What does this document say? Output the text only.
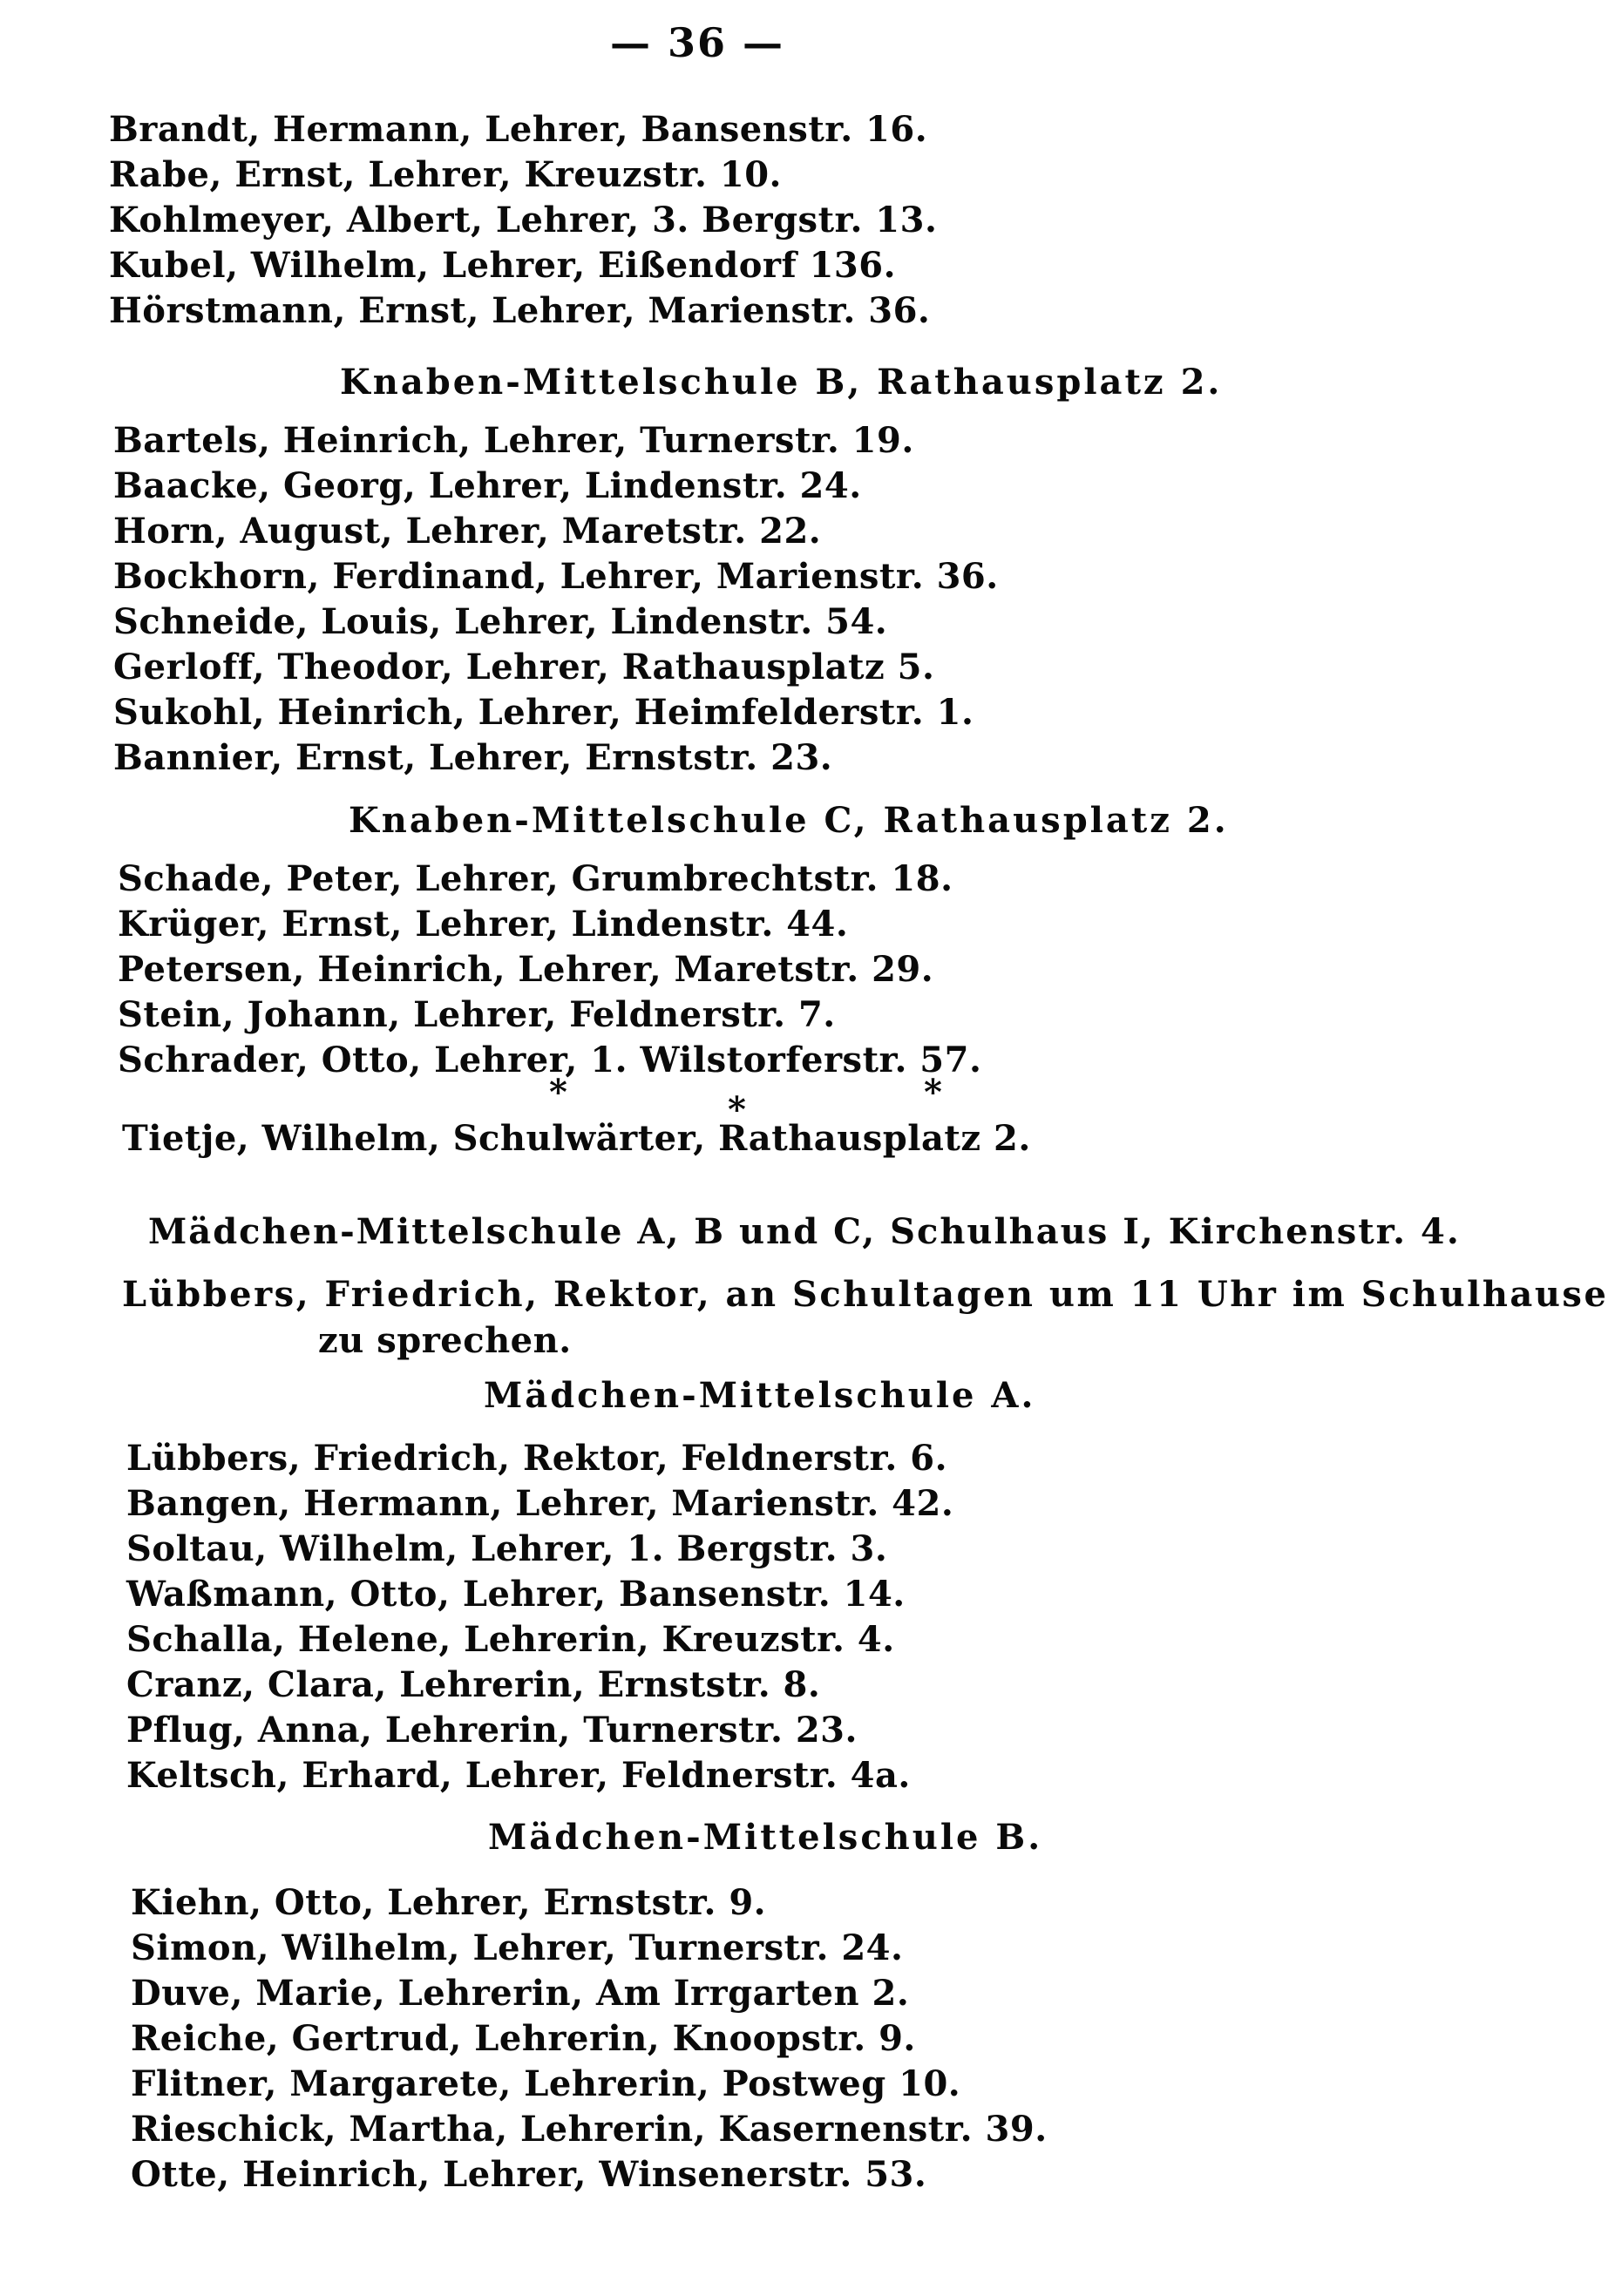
— 36 —
Brandt, Hermann, Lehrer, Bansenstr. 16.
Rabe, Ernst, Lehrer, Kreuzstr. 10.
Kohlmeyer, Albert, Lehrer, 3. Bergstr. 13.
Kubel, Wilhelm, Lehrer, Eißendorf 136.
Hörstmann, Ernst, Lehrer, Marienstr. 36.
Knaben-Mittelschule B, Rathausplatz 2.
Bartels, Heinrich, Lehrer, Turnerstr. 19.
Baacke, Georg, Lehrer, Lindenstr. 24.
Horn, August, Lehrer, Maretstr. 22.
Bockhorn, Ferdinand, Lehrer, Marienstr. 36.
Schneide, Louis, Lehrer, Lindenstr. 54.
Gerloff, Theodor, Lehrer, Rathausplatz 5.
Sukohl, Heinrich, Lehrer, Heimfelderstr. 1.
Bannier, Ernst, Lehrer, Ernststr. 23.
Knaben-Mittelschule C, Rathausplatz 2.
Schade, Peter, Lehrer, Grumbrechtstr. 18.
Krüger, Ernst, Lehrer, Lindenstr. 44.
Petersen, Heinrich, Lehrer, Maretstr. 29.
Stein, Johann, Lehrer, Feldnerstr. 7.
Schrader, Otto, Lehrer, 1. Wilstorferstr. 57.
*	*	*
Tietje, Wilhelm, Schulwärter, Rathausplatz 2.
Mädchen-Mittelschule A, B und C, Schulhaus I, Kirchenstr. 4.
Lübbers, Friedrich, Rektor, an Schultagen um 11 Uhr im Schulhause
zu sprechen.
Mädchen-Mittelschule A.
Lübbers, Friedrich, Rektor, Feldnerstr. 6.
Bangen, Hermann, Lehrer, Marienstr. 42.
Soltau, Wilhelm, Lehrer, 1. Bergstr. 3.
Waßmann, Otto, Lehrer, Bansenstr. 14.
Schalla, Helene, Lehrerin, Kreuzstr. 4.
Cranz, Clara, Lehrerin, Ernststr. 8.
Pflug, Anna, Lehrerin, Turnerstr. 23.
Keltsch, Erhard, Lehrer, Feldnerstr. 4a.
Mädchen-Mittelschule B.
Kiehn, Otto, Lehrer, Ernststr. 9.
Simon, Wilhelm, Lehrer, Turnerstr. 24.
Duve, Marie, Lehrerin, Am Irrgarten 2.
Reiche, Gertrud, Lehrerin, Knoopstr. 9.
Flitner, Margarete, Lehrerin, Postweg 10.
Rieschick, Martha, Lehrerin, Kasernenstr. 39.
Otte, Heinrich, Lehrer, Winsenerstr. 53.
